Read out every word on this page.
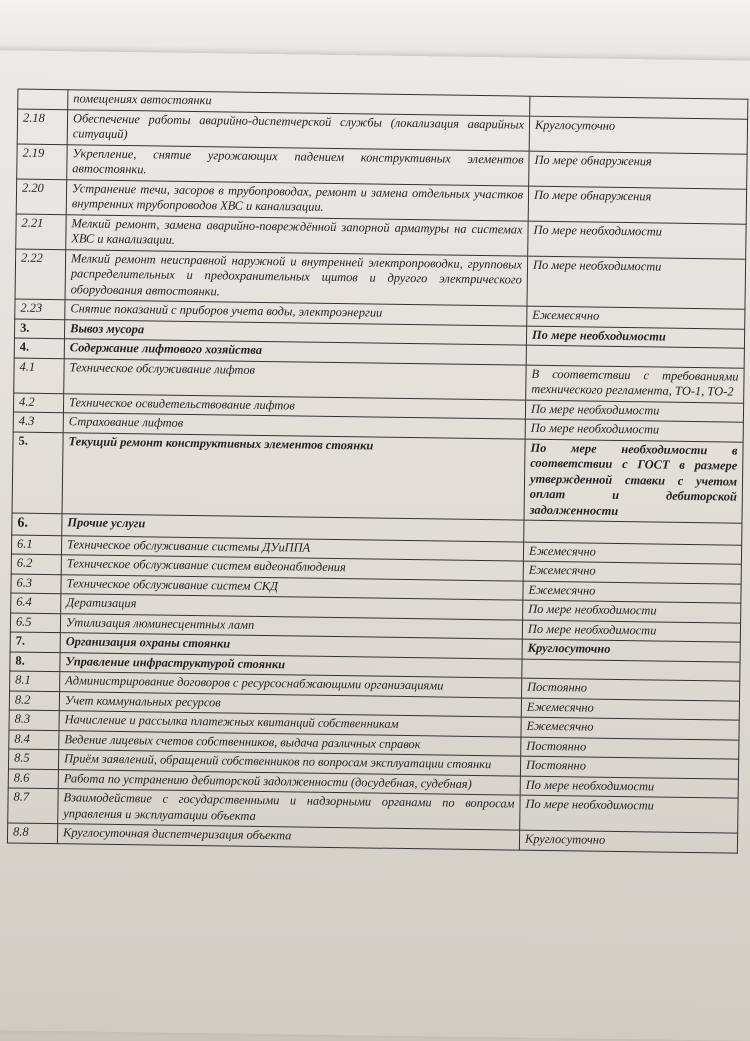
	помещениях автостоянки	
2.18	Обеспечение работы аварийно-диспетчерской службы (локализация аварийных ситуаций)	Круглосуточно
2.19	Укрепление, снятие угрожающих падением конструктивных элементов автостоянки.	По мере обнаружения
2.20	Устранение течи, засоров в трубопроводах, ремонт и замена отдельных участков внутренних трубопроводов ХВС и канализации.	По мере обнаружения
2.21	Мелкий ремонт, замена аварийно-повреждённой запорной арматуры на системах ХВС и канализации.	По мере необходимости
2.22	Мелкий ремонт неисправной наружной и внутренней электропроводки, групповых распределительных и предохранительных щитов и другого электрического оборудования автостоянки.	По мере необходимости
2.23	Снятие показаний с приборов учета воды, электроэнергии	Ежемесячно
3.	Вывоз мусора	По мере необходимости
4.	Содержание лифтового хозяйства	
4.1	Техническое обслуживание лифтов	В соответствии с требованиями технического регламента, ТО-1, ТО-2
4.2	Техническое освидетельствование лифтов	По мере необходимости
4.3	Страхование лифтов	По мере необходимости
5.	Текущий ремонт конструктивных элементов стоянки	По мере необходимости в соответствии с ГОСТ в размере утвержденной ставки с учетом оплат и дебиторской задолженности
6.	Прочие услуги	
6.1	Техническое обслуживание системы ДУиППА	Ежемесячно
6.2	Техническое обслуживание систем видеонаблюдения	Ежемесячно
6.3	Техническое обслуживание систем СКД	Ежемесячно
6.4	Дератизация	По мере необходимости
6.5	Утилизация люминесцентных ламп	По мере необходимости
7.	Организация охраны стоянки	Круглосуточно
8.	Управление инфраструктурой стоянки	
8.1	Администрирование договоров с ресурсоснабжающими организациями	Постоянно
8.2	Учет коммунальных ресурсов	Ежемесячно
8.3	Начисление и рассылка платежных квитанций собственникам	Ежемесячно
8.4	Ведение лицевых счетов собственников, выдача различных справок	Постоянно
8.5	Приём заявлений, обращений собственников по вопросам эксплуатации стоянки	Постоянно
8.6	Работа по устранению дебиторской задолженности (досудебная, судебная)	По мере необходимости
8.7	Взаимодействие с государственными и надзорными органами по вопросам управления и эксплуатации объекта	По мере необходимости
8.8	Круглосуточная диспетчеризация объекта	Круглосуточно
